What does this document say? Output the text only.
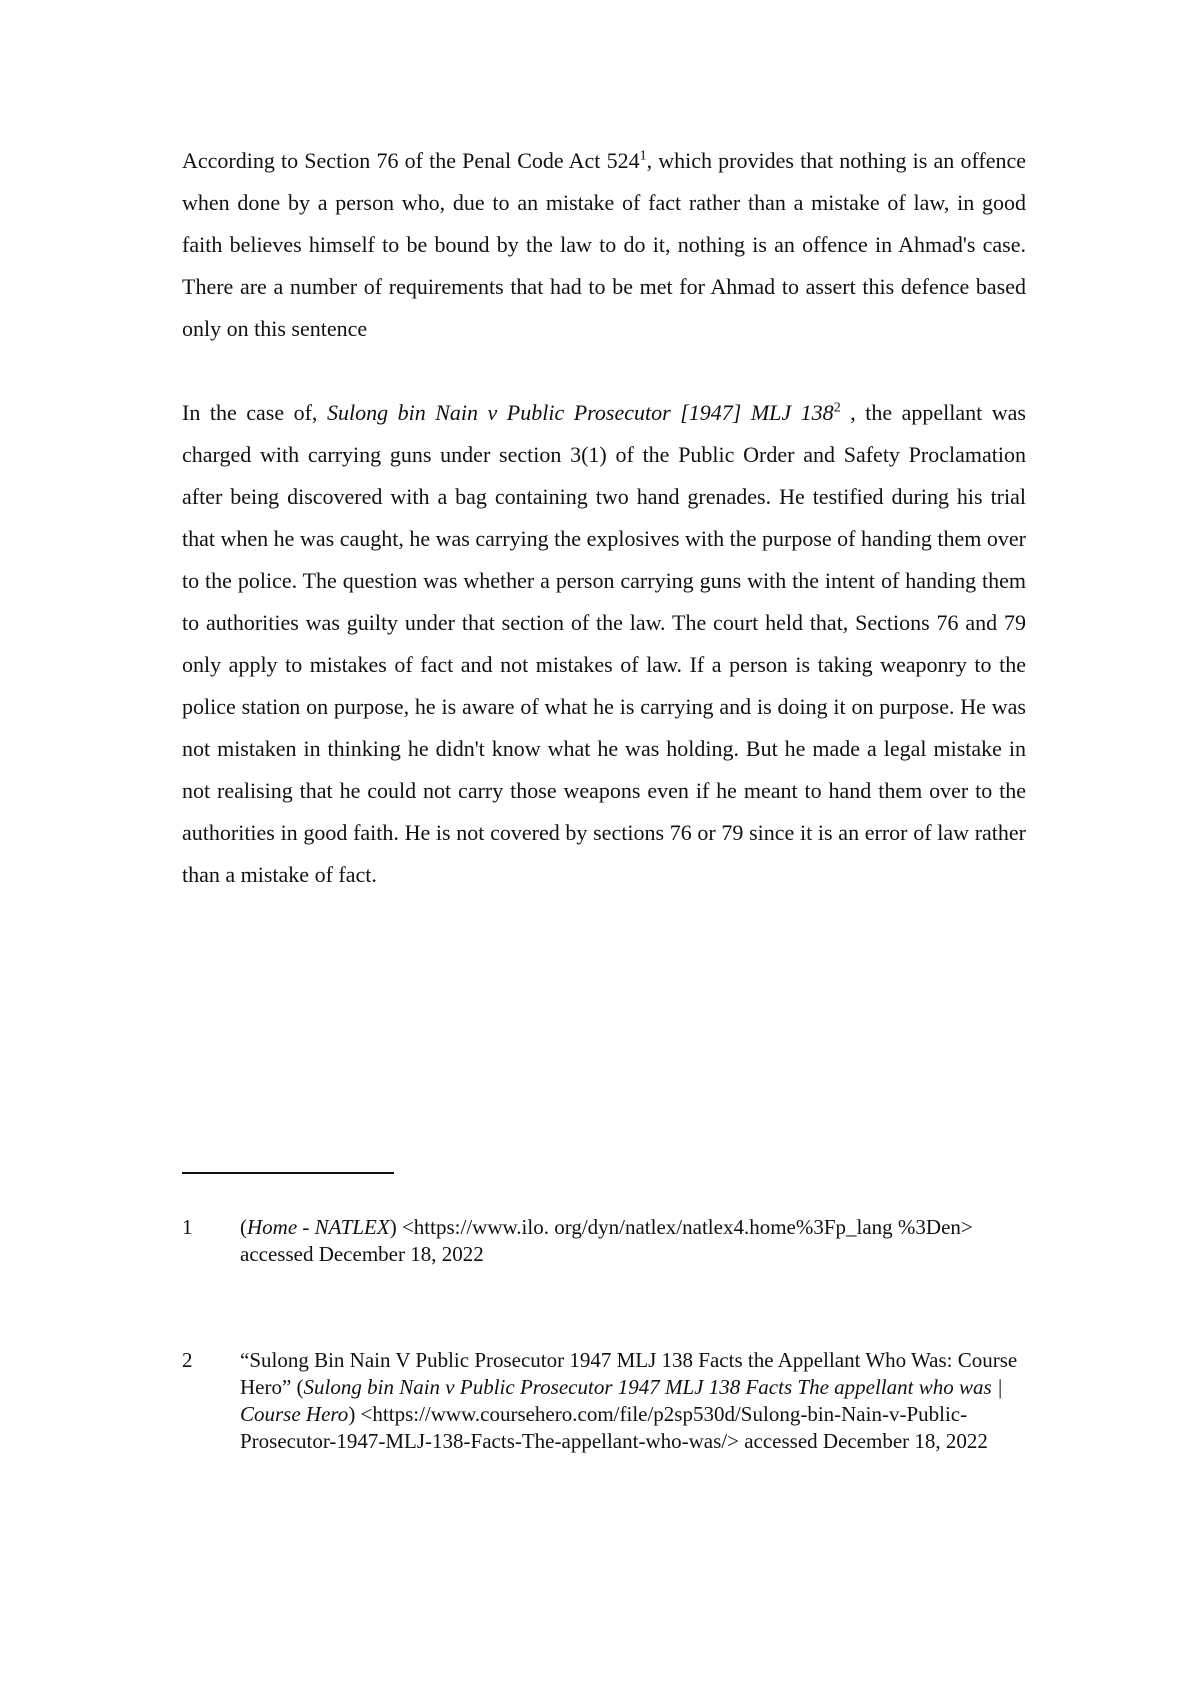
According to Section 76 of the Penal Code Act $524^1$, which provides that nothing is an offence when done by a person who, due to an mistake of fact rather than a mistake of law, in good faith believes himself to be bound by the law to do it, nothing is an offence in Ahmad's case. There are a number of requirements that had to be met for Ahmad to assert this defence based only on this sentence

In the case of, Sulong bin Nain v Public Prosecutor [1947] MLJ $138^2$ , the appellant was charged with carrying guns under section 3(1) of the Public Order and Safety Proclamation after being discovered with a bag containing two hand grenades. He testified during his trial that when he was caught, he was carrying the explosives with the purpose of handing them over to the police. The question was whether a person carrying guns with the intent of handing them to authorities was guilty under that section of the law. The court held that, Sections 76 and 79 only apply to mistakes of fact and not mistakes of law. If a person is taking weaponry to the police station on purpose, he is aware of what he is carrying and is doing it on purpose. He was not mistaken in thinking he didn't know what he was holding. But he made a legal mistake in not realising that he could not carry those weapons even if he meant to hand them over to the authorities in good faith. He is not covered by sections 76 or 79 since it is an error of law rather than a mistake of fact.

1 (Home - NATLEX) <https://www.ilo. org/dyn/natlex/natlex4.home%3Fp_lang %3Den> accessed December 18, 2022
2 “Sulong Bin Nain V Public Prosecutor 1947 MLJ 138 Facts the Appellant Who Was: Course Hero” (Sulong bin Nain v Public Prosecutor 1947 MLJ 138 Facts The appellant who was | Course Hero) <https://www.coursehero.com/file/p2sp530d/Sulong-bin-Nain-v-Public-Prosecutor-1947-MLJ-138-Facts-The-appellant-who-was/> accessed December 18, 2022
